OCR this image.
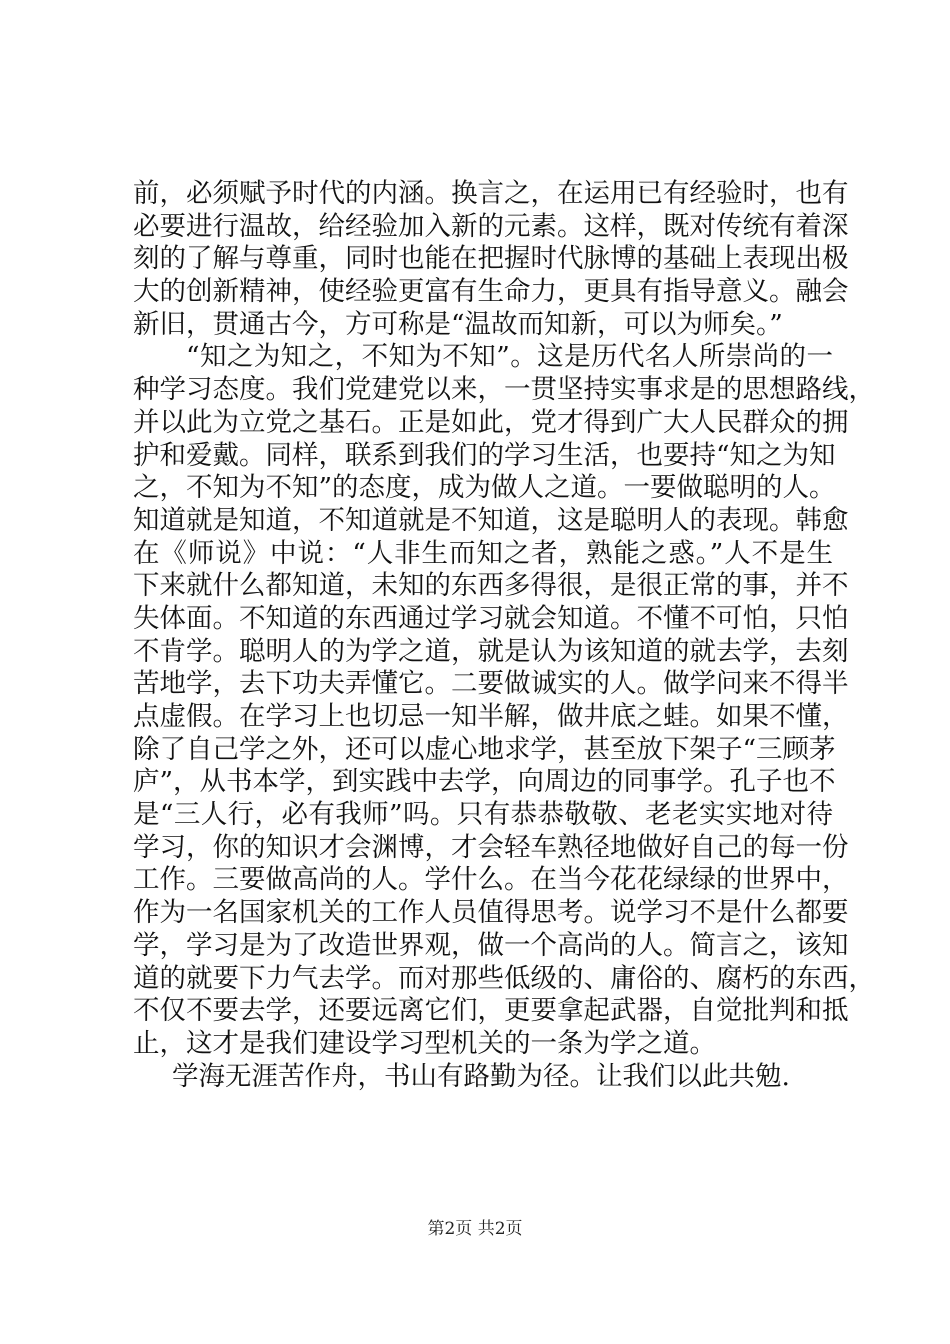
前，必须赋予时代的内涵。换言之，在运用已有经验时，也有
必要进行温故，给经验加入新的元素。这样，既对传统有着深
刻的了解与尊重，同时也能在把握时代脉博的基础上表现出极
大的创新精神，使经验更富有生命力，更具有指导意义。融会
新旧，贯通古今，方可称是“温故而知新，可以为师矣。”
“知之为知之，不知为不知”。这是历代名人所崇尚的一
种学习态度。我们党建党以来，一贯坚持实事求是的思想路线，
并以此为立党之基石。正是如此，党才得到广大人民群众的拥
护和爱戴。同样，联系到我们的学习生活，也要持“知之为知
之，不知为不知”的态度，成为做人之道。一要做聪明的人。
知道就是知道，不知道就是不知道，这是聪明人的表现。韩愈
在《师说》中说：“人非生而知之者，熟能之惑。”人不是生
下来就什么都知道，未知的东西多得很，是很正常的事，并不
失体面。不知道的东西通过学习就会知道。不懂不可怕，只怕
不肯学。聪明人的为学之道，就是认为该知道的就去学，去刻
苦地学，去下功夫弄懂它。二要做诚实的人。做学问来不得半
点虚假。在学习上也切忌一知半解，做井底之蛙。如果不懂，
除了自己学之外，还可以虚心地求学，甚至放下架子“三顾茅
庐”，从书本学，到实践中去学，向周边的同事学。孔子也不
是“三人行，必有我师”吗。只有恭恭敬敬、老老实实地对待
学习，你的知识才会渊博，才会轻车熟径地做好自己的每一份
工作。三要做高尚的人。学什么。在当今花花绿绿的世界中，
作为一名国家机关的工作人员值得思考。说学习不是什么都要
学，学习是为了改造世界观，做一个高尚的人。简言之，该知
道的就要下力气去学。而对那些低级的、庸俗的、腐朽的东西，
不仅不要去学，还要远离它们，更要拿起武器，自觉批判和抵
止，这才是我们建设学习型机关的一条为学之道。
学海无涯苦作舟，书山有路勤为径。让我们以此共勉.
第2页 共2页
